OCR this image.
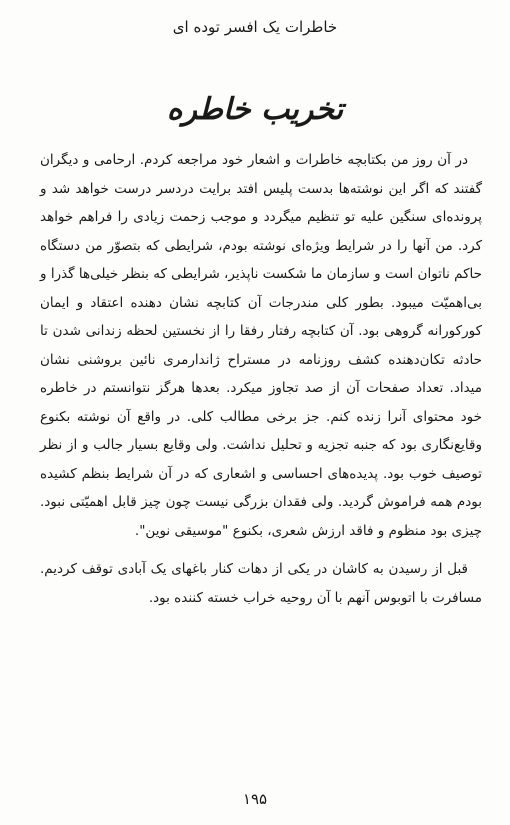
خاطرات یک افسر توده ای
تخریب خاطره

در آن روز من بکتابچه خاطرات و اشعار خود مراجعه کردم. ارحامی و دیگران گفتند که اگر این نوشته‌ها بدست پلیس افتد برایت دردسر درست خواهد شد و پرونده‌ای سنگین علیه تو تنظیم میگردد و موجب زحمت زیادی را فراهم خواهد کرد. من آنها را در شرایط ویژه‌ای نوشته بودم، شرایطی که بتصوّر من دستگاه حاکم ناتوان است و سازمان ما شکست ناپذیر، شرایطی که بنظر خیلی‌ها گذرا و بی‌اهمیّت میبود. بطور کلی مندرجات آن کتابچه نشان دهنده اعتقاد و ایمان کورکورانه گروهی بود. آن کتابچه رفتار رفقا را از نخستین لحظه زندانی شدن تا حادثه تکان‌دهنده کشف روزنامه در مستراح ژاندارمری نائین بروشنی نشان میداد. تعداد صفحات آن از صد تجاوز میکرد. بعدها هرگز نتوانستم در خاطره خود محتوای آنرا زنده کنم. جز برخی مطالب کلی. در واقع آن نوشته بکنوع وقایع‌نگاری بود که جنبه تجزیه و تحلیل نداشت. ولی وقایع بسیار جالب و از نظر توصیف خوب بود. پدیده‌های احساسی و اشعاری که در آن شرایط بنظم کشیده بودم همه فراموش گردید. ولی فقدان بزرگی نیست چون چیز قابل اهمیّتی نبود. چیزی بود منظوم و فاقد ارزش شعری، بکنوع "موسیقی نوین".

قبل از رسیدن به کاشان در یکی از دهات کنار باغهای یک آبادی توقف کردیم. مسافرت با اتوبوس آنهم با آن روحیه خراب خسته کننده بود.

۱۹۵
